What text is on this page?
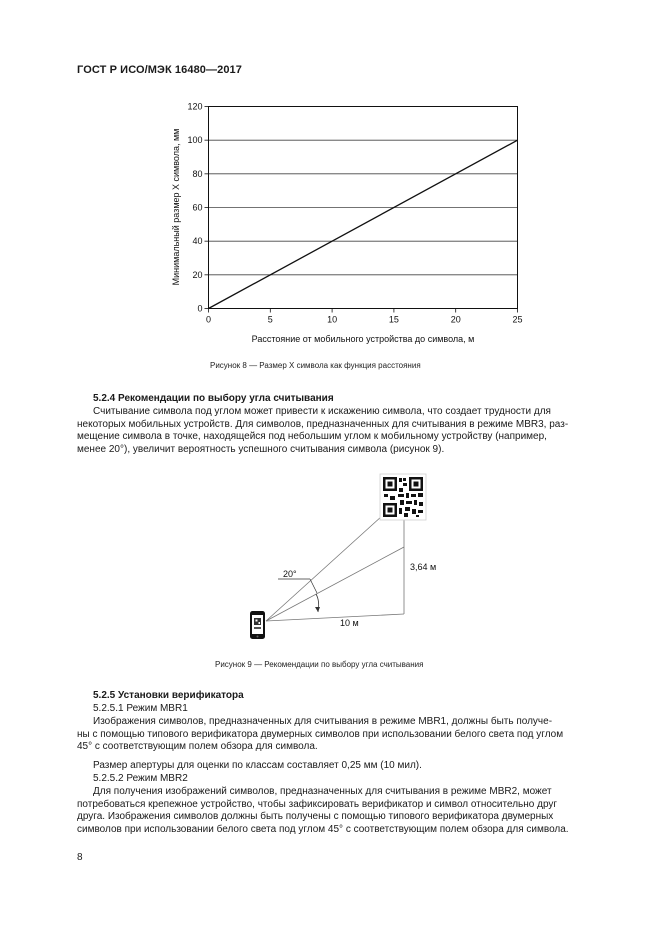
ГОСТ Р ИСО/МЭК 16480—2017
0	5	10	15	20	25
0
20
40
60
80
100
120
Расстояние от мобильного устройства до символа, м
Минимальный размер X символа, мм
Рисунок 8 — Размер X символа как функция расстояния
5.2.4 Рекомендации по выбору угла считывания
Считывание символа под углом может привести к искажению символа, что создает трудности для
некоторых мобильных устройств. Для символов, предназначенных для считывания в режиме MBR3, раз-
мещение символа в точке, находящейся под небольшим углом к мобильному устройству (например,
менее 20°), увеличит вероятность успешного считывания символа (рисунок 9).
20°
10 м
3,64 м
Рисунок 9 — Рекомендации по выбору угла считывания
5.2.5 Установки верификатора
5.2.5.1 Режим MBR1
Изображения символов, предназначенных для считывания в режиме MBR1, должны быть получе-
ны с помощью типового верификатора двумерных символов при использовании белого света под углом
45° с соответствующим полем обзора для символа.
Размер апертуры для оценки по классам составляет 0,25 мм (10 мил).
5.2.5.2 Режим MBR2
Для получения изображений символов, предназначенных для считывания в режиме MBR2, может
потребоваться крепежное устройство, чтобы зафиксировать верификатор и символ относительно друг
друга. Изображения символов должны быть получены с помощью типового верификатора двумерных
символов при использовании белого света под углом 45° с соответствующим полем обзора для символа.
8
